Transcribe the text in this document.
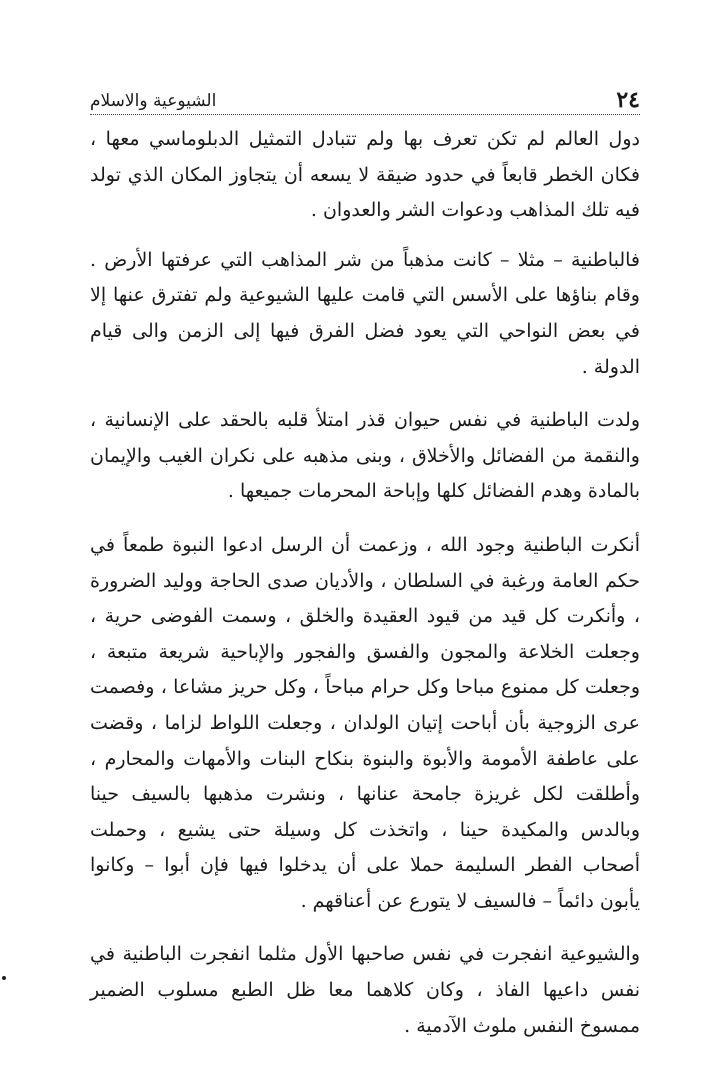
٢٤
الشيوعية والاسلام

دول العالم لم تكن تعرف بها ولم تتبادل التمثيل الدبلوماسي معها ، فكان الخطر قابعاً في حدود ضيقة لا يسعه أن يتجاوز المكان الذي تولد فيه تلك المذاهب ودعوات الشر والعدوان .

فالباطنية – مثلا – كانت مذهباً من شر المذاهب التي عرفتها الأرض . وقام بناؤها على الأسس التي قامت عليها الشيوعية ولم تفترق عنها إلا في بعض النواحي التي يعود فضل الفرق فيها إلى الزمن والى قيام الدولة .

ولدت الباطنية في نفس حيوان قذر امتلأ قلبه بالحقد على الإنسانية ، والنقمة من الفضائل والأخلاق ، وبنى مذهبه على نكران الغيب والإيمان بالمادة وهدم الفضائل كلها وإباحة المحرمات جميعها .

أنكرت الباطنية وجود الله ، وزعمت أن الرسل ادعوا النبوة طمعاً في حكم العامة ورغبة في السلطان ، والأديان صدى الحاجة ووليد الضرورة ، وأنكرت كل قيد من قيود العقيدة والخلق ، وسمت الفوضى حرية ، وجعلت الخلاعة والمجون والفسق والفجور والإباحية شريعة متبعة ، وجعلت كل ممنوع مباحا وكل حرام مباحاً ، وكل حريز مشاعا ، وفصمت عرى الزوجية بأن أباحت إتيان الولدان ، وجعلت اللواط لزاما ، وقضت على عاطفة الأمومة والأبوة والبنوة بنكاح البنات والأمهات والمحارم ، وأطلقت لكل غريزة جامحة عنانها ، ونشرت مذهبها بالسيف حينا وبالدس والمكيدة حينا ، واتخذت كل وسيلة حتى يشيع ، وحملت أصحاب الفطر السليمة حملا على أن يدخلوا فيها فإن أبوا – وكانوا يأبون دائماً – فالسيف لا يتورع عن أعناقهم .

والشيوعية انفجرت في نفس صاحبها الأول مثلما انفجرت الباطنية في نفس داعيها الفاذ ، وكان كلاهما معا ظل الطبع مسلوب الضمير ممسوخ النفس ملوث الآدمية .
